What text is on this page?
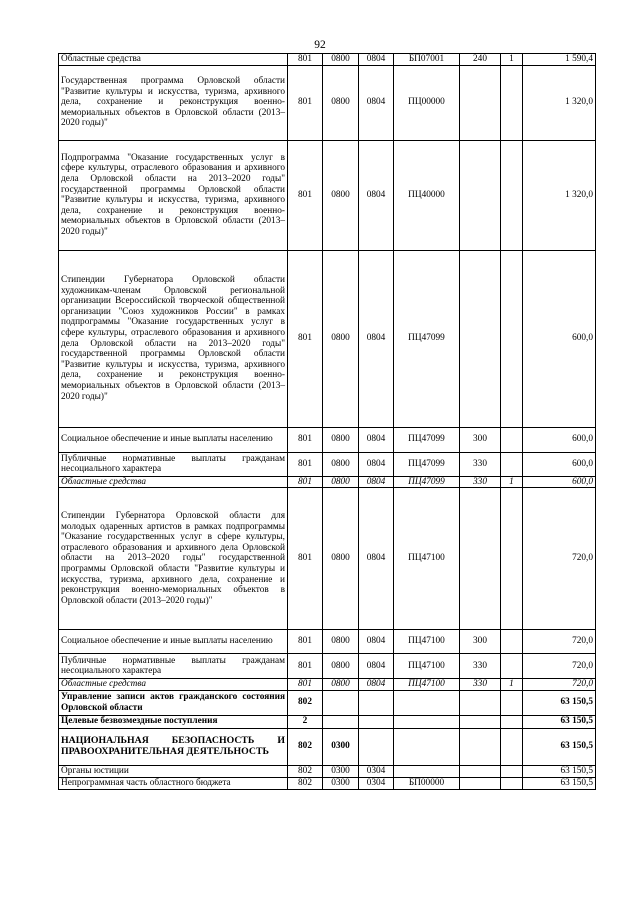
92
Областные средства	801	0800	0804	БП07001	240	1	1 590,4
Государственная программа Орловской области "Развитие культуры и искусства, туризма, архивного дела, сохранение и реконструкция военно-мемориальных объектов в Орловской области (2013–2020 годы)"	801	0800	0804	ПЦ00000			1 320,0
Подпрограмма "Оказание государственных услуг в сфере культуры, отраслевого образования и архивного дела Орловской области на 2013–2020 годы" государственной программы Орловской области "Развитие культуры и искусства, туризма, архивного дела, сохранение и реконструкция военно-мемориальных объектов в Орловской области (2013–2020 годы)"	801	0800	0804	ПЦ40000			1 320,0
Стипендии Губернатора Орловской области художникам-членам Орловской региональной организации Всероссийской творческой общественной организации "Союз художников России" в рамках подпрограммы "Оказание государственных услуг в сфере культуры, отраслевого образования и архивного дела Орловской области на 2013–2020 годы" государственной программы Орловской области "Развитие культуры и искусства, туризма, архивного дела, сохранение и реконструкция военно-мемориальных объектов в Орловской области (2013–2020 годы)"	801	0800	0804	ПЦ47099			600,0
Социальное обеспечение и иные выплаты населению	801	0800	0804	ПЦ47099	300		600,0
Публичные нормативные выплаты гражданам несоциального характера	801	0800	0804	ПЦ47099	330		600,0
Областные средства	801	0800	0804	ПЦ47099	330	1	600,0
Стипендии Губернатора Орловской области для молодых одаренных артистов в рамках подпрограммы "Оказание государственных услуг в сфере культуры, отраслевого образования и архивного дела Орловской области на 2013–2020 годы" государственной программы Орловской области "Развитие культуры и искусства, туризма, архивного дела, сохранение и реконструкция военно-мемориальных объектов в Орловской области (2013–2020 годы)"	801	0800	0804	ПЦ47100			720,0
Социальное обеспечение и иные выплаты населению	801	0800	0804	ПЦ47100	300		720,0
Публичные нормативные выплаты гражданам несоциального характера	801	0800	0804	ПЦ47100	330		720,0
Областные средства	801	0800	0804	ПЦ47100	330	1	720,0
Управление записи актов гражданского состояния Орловской области	802						63 150,5
Целевые безвозмездные поступления	2						63 150,5
НАЦИОНАЛЬНАЯ БЕЗОПАСНОСТЬ И ПРАВООХРАНИТЕЛЬНАЯ ДЕЯТЕЛЬНОСТЬ	802	0300					63 150,5
Органы юстиции	802	0300	0304				63 150,5
Непрограммная часть областного бюджета	802	0300	0304	БП00000			63 150,5
